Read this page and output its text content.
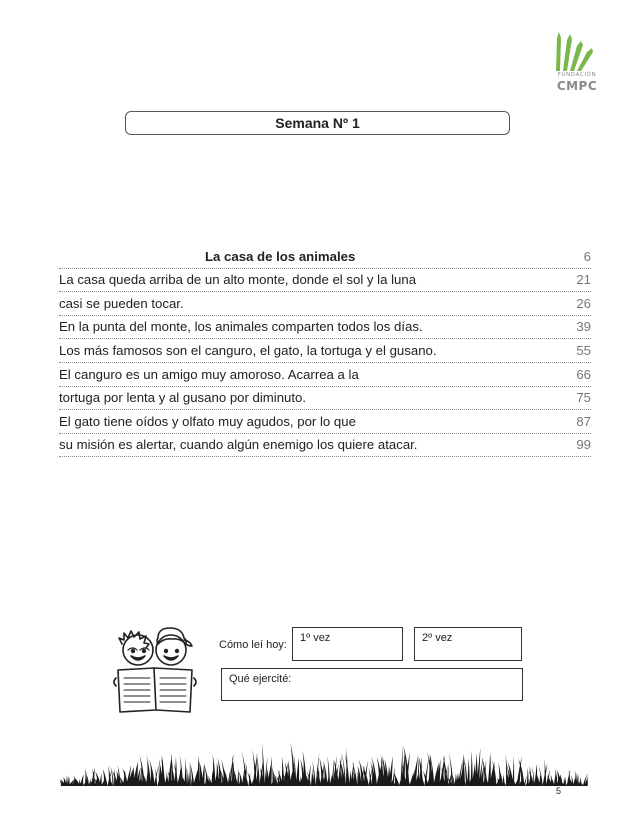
FUNDACIÓN
CMPC
Semana Nº 1
La casa de los animales	6
La casa queda arriba de un alto monte, donde el sol y la luna	21
casi se pueden tocar.	26
En la punta del monte, los animales comparten todos los días.	39
Los más famosos son el canguro, el gato, la tortuga y el gusano.	55
El canguro es un amigo muy amoroso. Acarrea a la	66
tortuga por lenta y al gusano por diminuto.	75
El gato tiene oídos y olfato muy agudos, por lo que	87
su misión es alertar, cuando algún enemigo los quiere atacar.	99
Cómo leí hoy:
1º vez	2º vez
Qué ejercité:
5
